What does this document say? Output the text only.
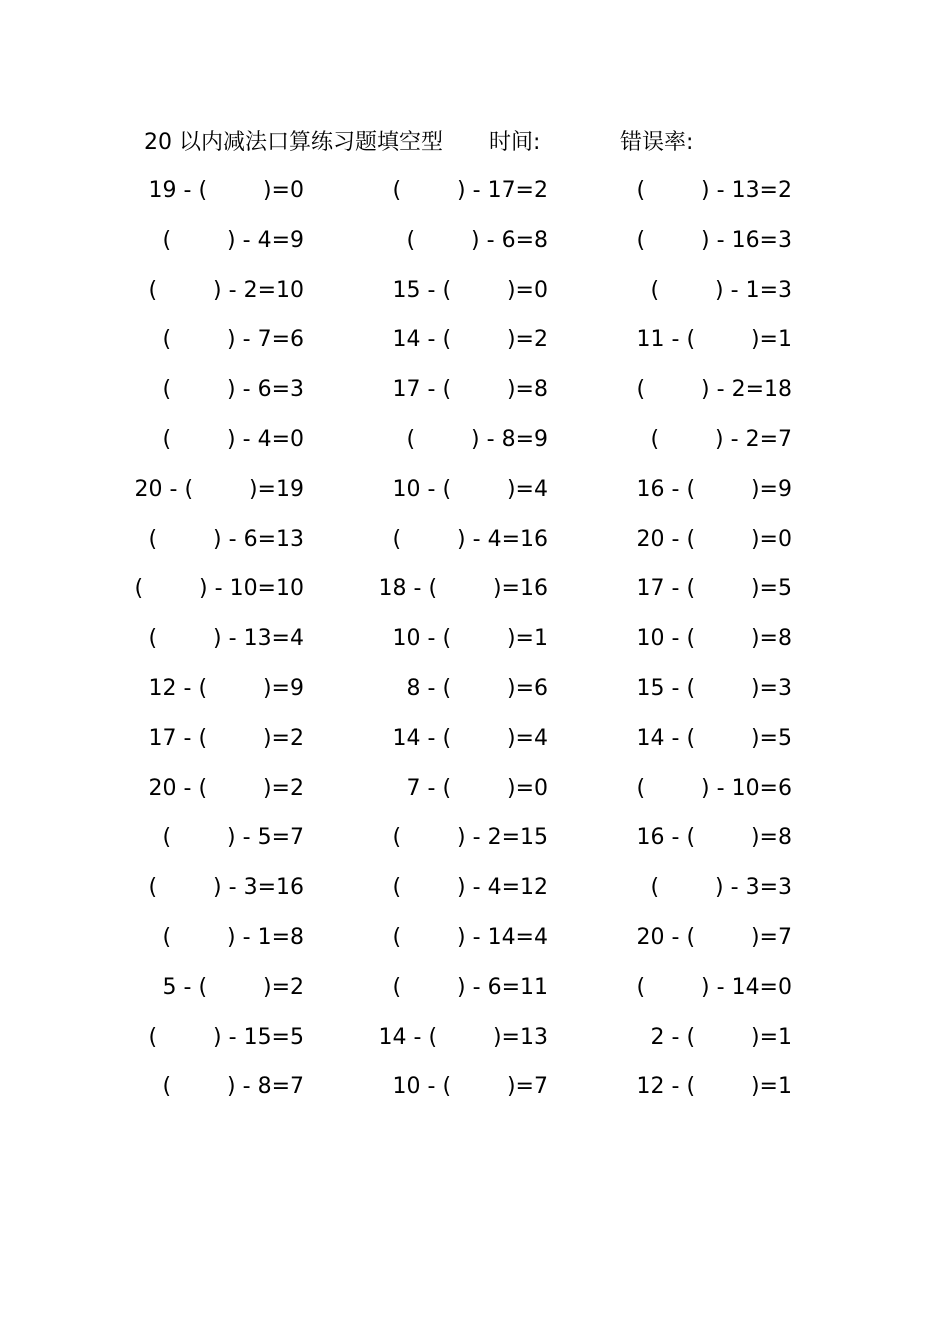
20 以内减法口算练习题填空型 时间:	错误率:
19 - (        )=0	(        ) - 17=2	(        ) - 13=2
(        ) - 4=9	(        ) - 6=8	(        ) - 16=3
(        ) - 2=10	15 - (        )=0	(        ) - 1=3
(        ) - 7=6	14 - (        )=2	11 - (        )=1
(        ) - 6=3	17 - (        )=8	(        ) - 2=18
(        ) - 4=0	(        ) - 8=9	(        ) - 2=7
20 - (        )=19	10 - (        )=4	16 - (        )=9
(        ) - 6=13	(        ) - 4=16	20 - (        )=0
(        ) - 10=10	18 - (        )=16	17 - (        )=5
(        ) - 13=4	10 - (        )=1	10 - (        )=8
12 - (        )=9	8 - (        )=6	15 - (        )=3
17 - (        )=2	14 - (        )=4	14 - (        )=5
20 - (        )=2	7 - (        )=0	(        ) - 10=6
(        ) - 5=7	(        ) - 2=15	16 - (        )=8
(        ) - 3=16	(        ) - 4=12	(        ) - 3=3
(        ) - 1=8	(        ) - 14=4	20 - (        )=7
5 - (        )=2	(        ) - 6=11	(        ) - 14=0
(        ) - 15=5	14 - (        )=13	2 - (        )=1
(        ) - 8=7	10 - (        )=7	12 - (        )=1
